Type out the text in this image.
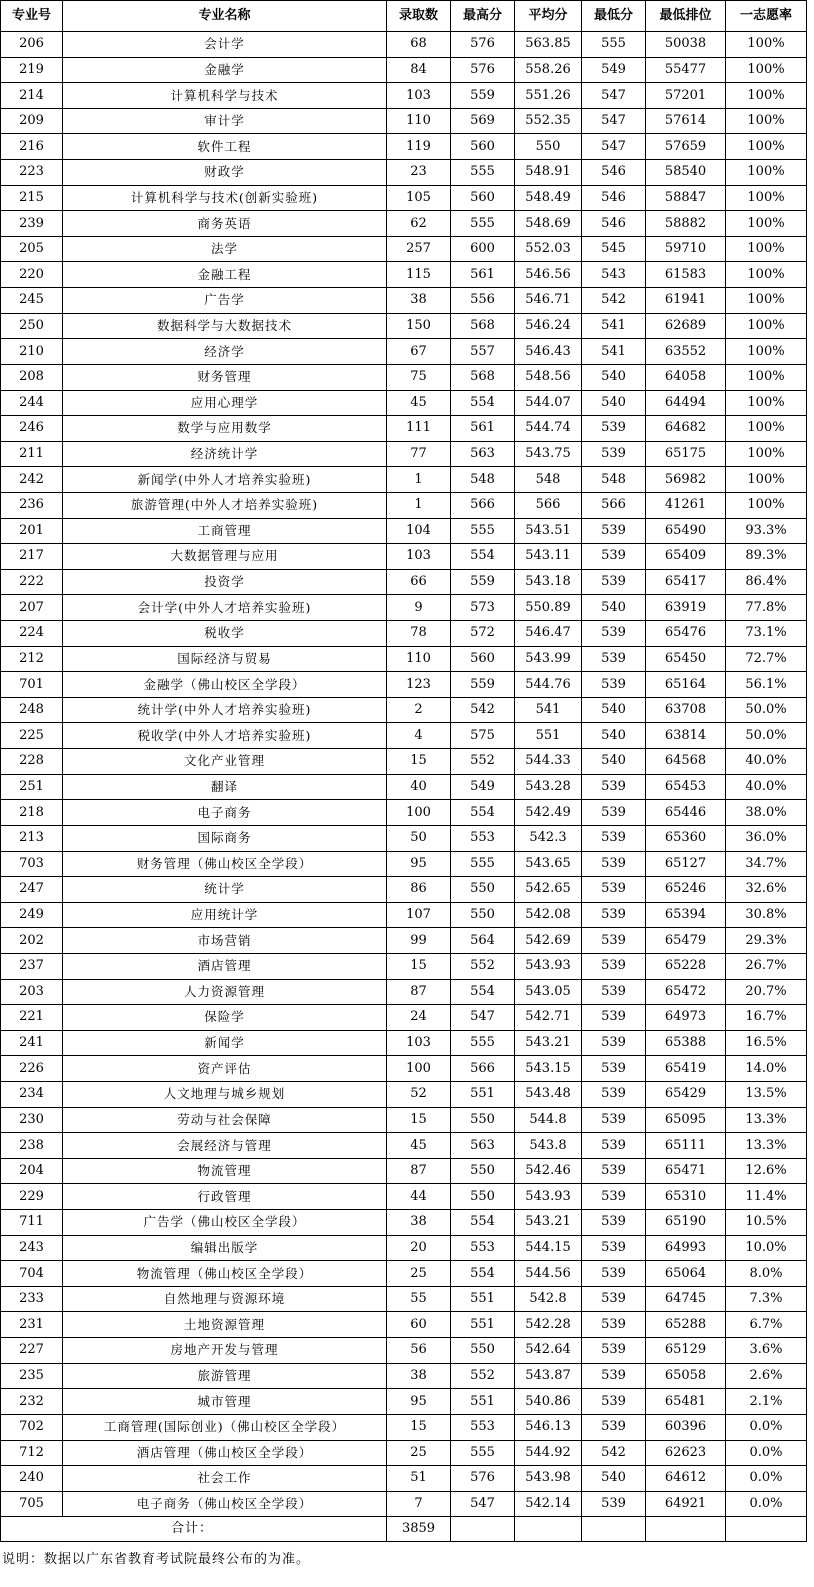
专业号	专业名称	录取数	最高分	平均分	最低分	最低排位	一志愿率
206	会计学	68	576	563.85	555	50038	100%
219	金融学	84	576	558.26	549	55477	100%
214	计算机科学与技术	103	559	551.26	547	57201	100%
209	审计学	110	569	552.35	547	57614	100%
216	软件工程	119	560	550	547	57659	100%
223	财政学	23	555	548.91	546	58540	100%
215	计算机科学与技术(创新实验班)	105	560	548.49	546	58847	100%
239	商务英语	62	555	548.69	546	58882	100%
205	法学	257	600	552.03	545	59710	100%
220	金融工程	115	561	546.56	543	61583	100%
245	广告学	38	556	546.71	542	61941	100%
250	数据科学与大数据技术	150	568	546.24	541	62689	100%
210	经济学	67	557	546.43	541	63552	100%
208	财务管理	75	568	548.56	540	64058	100%
244	应用心理学	45	554	544.07	540	64494	100%
246	数学与应用数学	111	561	544.74	539	64682	100%
211	经济统计学	77	563	543.75	539	65175	100%
242	新闻学(中外人才培养实验班)	1	548	548	548	56982	100%
236	旅游管理(中外人才培养实验班)	1	566	566	566	41261	100%
201	工商管理	104	555	543.51	539	65490	93.3%
217	大数据管理与应用	103	554	543.11	539	65409	89.3%
222	投资学	66	559	543.18	539	65417	86.4%
207	会计学(中外人才培养实验班)	9	573	550.89	540	63919	77.8%
224	税收学	78	572	546.47	539	65476	73.1%
212	国际经济与贸易	110	560	543.99	539	65450	72.7%
701	金融学（佛山校区全学段）	123	559	544.76	539	65164	56.1%
248	统计学(中外人才培养实验班)	2	542	541	540	63708	50.0%
225	税收学(中外人才培养实验班)	4	575	551	540	63814	50.0%
228	文化产业管理	15	552	544.33	540	64568	40.0%
251	翻译	40	549	543.28	539	65453	40.0%
218	电子商务	100	554	542.49	539	65446	38.0%
213	国际商务	50	553	542.3	539	65360	36.0%
703	财务管理（佛山校区全学段）	95	555	543.65	539	65127	34.7%
247	统计学	86	550	542.65	539	65246	32.6%
249	应用统计学	107	550	542.08	539	65394	30.8%
202	市场营销	99	564	542.69	539	65479	29.3%
237	酒店管理	15	552	543.93	539	65228	26.7%
203	人力资源管理	87	554	543.05	539	65472	20.7%
221	保险学	24	547	542.71	539	64973	16.7%
241	新闻学	103	555	543.21	539	65388	16.5%
226	资产评估	100	566	543.15	539	65419	14.0%
234	人文地理与城乡规划	52	551	543.48	539	65429	13.5%
230	劳动与社会保障	15	550	544.8	539	65095	13.3%
238	会展经济与管理	45	563	543.8	539	65111	13.3%
204	物流管理	87	550	542.46	539	65471	12.6%
229	行政管理	44	550	543.93	539	65310	11.4%
711	广告学（佛山校区全学段）	38	554	543.21	539	65190	10.5%
243	编辑出版学	20	553	544.15	539	64993	10.0%
704	物流管理（佛山校区全学段）	25	554	544.56	539	65064	8.0%
233	自然地理与资源环境	55	551	542.8	539	64745	7.3%
231	土地资源管理	60	551	542.28	539	65288	6.7%
227	房地产开发与管理	56	550	542.64	539	65129	3.6%
235	旅游管理	38	552	543.87	539	65058	2.6%
232	城市管理	95	551	540.86	539	65481	2.1%
702	工商管理(国际创业)（佛山校区全学段）	15	553	546.13	539	60396	0.0%
712	酒店管理（佛山校区全学段）	25	555	544.92	542	62623	0.0%
240	社会工作	51	576	543.98	540	64612	0.0%
705	电子商务（佛山校区全学段）	7	547	542.14	539	64921	0.0%
合计：		3859					
说明：数据以广东省教育考试院最终公布的为准。
